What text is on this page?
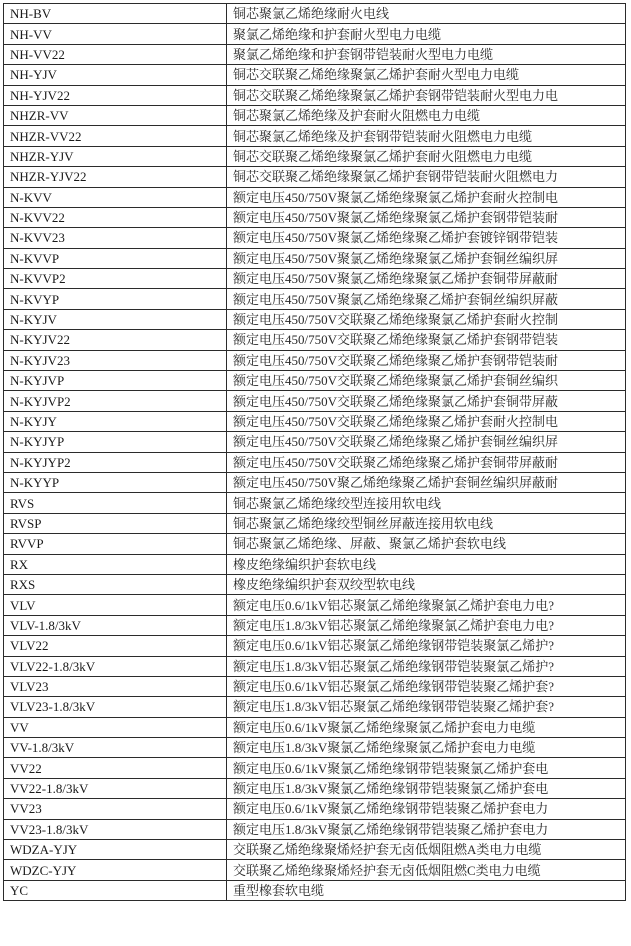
NH-BV	铜芯聚氯乙烯绝缘耐火电线
NH-VV	聚氯乙烯绝缘和护套耐火型电力电缆
NH-VV22	聚氯乙烯绝缘和护套钢带铠装耐火型电力电缆
NH-YJV	铜芯交联聚乙烯绝缘聚氯乙烯护套耐火型电力电缆
NH-YJV22	铜芯交联聚乙烯绝缘聚氯乙烯护套钢带铠装耐火型电力电
NHZR-VV	铜芯聚氯乙烯绝缘及护套耐火阻燃电力电缆
NHZR-VV22	铜芯聚氯乙烯绝缘及护套钢带铠装耐火阻燃电力电缆
NHZR-YJV	铜芯交联聚乙烯绝缘聚氯乙烯护套耐火阻燃电力电缆
NHZR-YJV22	铜芯交联聚乙烯绝缘聚氯乙烯护套钢带铠装耐火阻燃电力
N-KVV	额定电压450/750V聚氯乙烯绝缘聚氯乙烯护套耐火控制电
N-KVV22	额定电压450/750V聚氯乙烯绝缘聚氯乙烯护套钢带铠装耐
N-KVV23	额定电压450/750V聚氯乙烯绝缘聚乙烯护套镀锌钢带铠装
N-KVVP	额定电压450/750V聚氯乙烯绝缘聚氯乙烯护套铜丝编织屏
N-KVVP2	额定电压450/750V聚氯乙烯绝缘聚氯乙烯护套铜带屏蔽耐
N-KVYP	额定电压450/750V聚氯乙烯绝缘聚乙烯护套铜丝编织屏蔽
N-KYJV	额定电压450/750V交联聚乙烯绝缘聚氯乙烯护套耐火控制
N-KYJV22	额定电压450/750V交联聚乙烯绝缘聚氯乙烯护套钢带铠装
N-KYJV23	额定电压450/750V交联聚乙烯绝缘聚乙烯护套钢带铠装耐
N-KYJVP	额定电压450/750V交联聚乙烯绝缘聚氯乙烯护套铜丝编织
N-KYJVP2	额定电压450/750V交联聚乙烯绝缘聚氯乙烯护套铜带屏蔽
N-KYJY	额定电压450/750V交联聚乙烯绝缘聚乙烯护套耐火控制电
N-KYJYP	额定电压450/750V交联聚乙烯绝缘聚乙烯护套铜丝编织屏
N-KYJYP2	额定电压450/750V交联聚乙烯绝缘聚乙烯护套铜带屏蔽耐
N-KYYP	额定电压450/750V聚乙烯绝缘聚乙烯护套铜丝编织屏蔽耐
RVS	铜芯聚氯乙烯绝缘绞型连接用软电线
RVSP	铜芯聚氯乙烯绝缘绞型铜丝屏蔽连接用软电线
RVVP	铜芯聚氯乙烯绝缘、屏蔽、聚氯乙烯护套软电线
RX	橡皮绝缘编织护套软电线
RXS	橡皮绝缘编织护套双绞型软电线
VLV	额定电压0.6/1kV铝芯聚氯乙烯绝缘聚氯乙烯护套电力电?
VLV-1.8/3kV	额定电压1.8/3kV铝芯聚氯乙烯绝缘聚氯乙烯护套电力电?
VLV22	额定电压0.6/1kV铝芯聚氯乙烯绝缘钢带铠装聚氯乙烯护?
VLV22-1.8/3kV	额定电压1.8/3kV铝芯聚氯乙烯绝缘钢带铠装聚氯乙烯护?
VLV23	额定电压0.6/1kV铝芯聚氯乙烯绝缘钢带铠装聚乙烯护套?
VLV23-1.8/3kV	额定电压1.8/3kV铝芯聚氯乙烯绝缘钢带铠装聚乙烯护套?
VV	额定电压0.6/1kV聚氯乙烯绝缘聚氯乙烯护套电力电缆
VV-1.8/3kV	额定电压1.8/3kV聚氯乙烯绝缘聚氯乙烯护套电力电缆
VV22	额定电压0.6/1kV聚氯乙烯绝缘钢带铠装聚氯乙烯护套电
VV22-1.8/3kV	额定电压1.8/3kV聚氯乙烯绝缘钢带铠装聚氯乙烯护套电
VV23	额定电压0.6/1kV聚氯乙烯绝缘钢带铠装聚乙烯护套电力
VV23-1.8/3kV	额定电压1.8/3kV聚氯乙烯绝缘钢带铠装聚乙烯护套电力
WDZA-YJY	交联聚乙烯绝缘聚烯烃护套无卤低烟阻燃A类电力电缆
WDZC-YJY	交联聚乙烯绝缘聚烯烃护套无卤低烟阻燃C类电力电缆
YC	重型橡套软电缆
